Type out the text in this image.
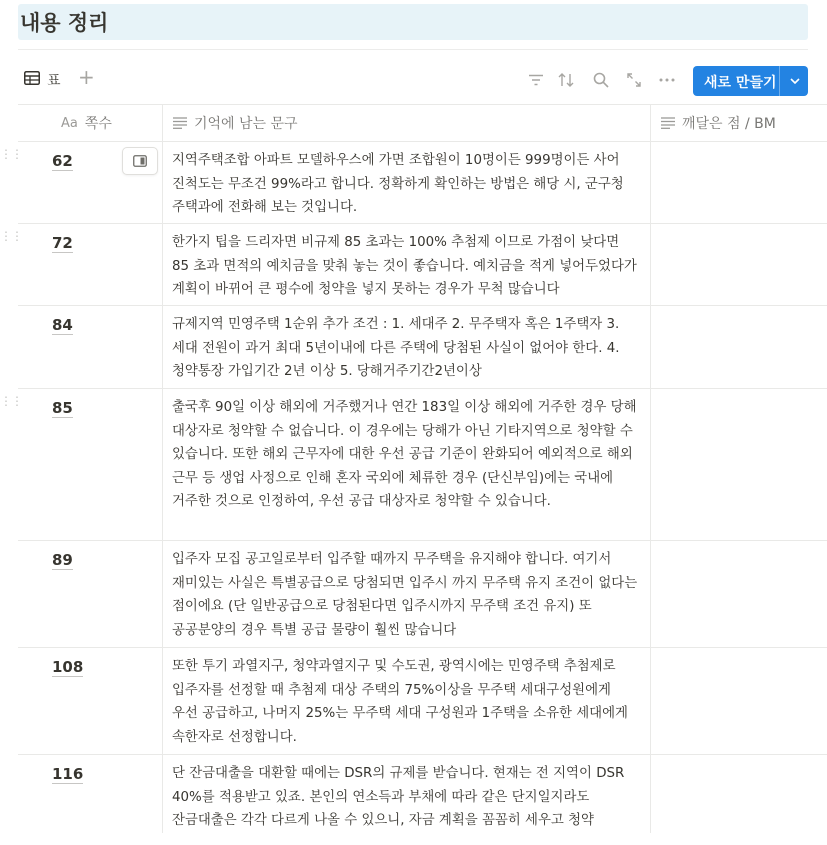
내용 정리
표 +	새로 만들기
Aa 쪽수	기억에 남는 문구	깨달은 점 / BM
62	지역주택조합 아파트 모델하우스에 가면 조합원이 10명이든 999명이든 사어 진척도는 무조건 99%라고 합니다. 정확하게 확인하는 방법은 해당 시, 군구청 주택과에 전화해 보는 것입니다.
72	한가지 팁을 드리자면 비규제 85 초과는 100% 추첨제 이므로 가점이 낮다면 85 초과 면적의 예치금을 맞춰 놓는 것이 좋습니다. 예치금을 적게 넣어두었다가 계획이 바뀌어 큰 평수에 청약을 넣지 못하는 경우가 무척 많습니다
84	규제지역 민영주택 1순위 추가 조건 : 1. 세대주 2. 무주택자 혹은 1주택자 3. 세대 전원이 과거 최대 5년이내에 다른 주택에 당첨된 사실이 없어야 한다. 4. 청약통장 가입기간 2년 이상 5. 당해거주기간2년이상
85	출국후 90일 이상 해외에 거주했거나 연간 183일 이상 해외에 거주한 경우 당해 대상자로 청약할 수 없습니다. 이 경우에는 당해가 아닌 기타지역으로 청약할 수 있습니다. 또한 해외 근무자에 대한 우선 공급 기준이 완화되어 예외적으로 해외 근무 등 생업 사정으로 인해 혼자 국외에 체류한 경우 (단신부임)에는 국내에 거주한 것으로 인정하여, 우선 공급 대상자로 청약할 수 있습니다.
89	입주자 모집 공고일로부터 입주할 때까지 무주택을 유지해야 합니다. 여기서 재미있는 사실은 특별공급으로 당첨되면 입주시 까지 무주택 유지 조건이 없다는 점이에요 (단 일반공급으로 당첨된다면 입주시까지 무주택 조건 유지) 또 공공분양의 경우 특별 공급 물량이 훨씬 많습니다
108	또한 투기 과열지구, 청약과열지구 및 수도권, 광역시에는 민영주택 추첨제로 입주자를 선정할 때 추첨제 대상 주택의 75%이상을 무주택 세대구성원에게 우선 공급하고, 나머지 25%는 무주택 세대 구성원과 1주택을 소유한 세대에게 속한자로 선정합니다.
116	단 잔금대출을 대환할 때에는 DSR의 규제를 받습니다. 현재는 전 지역이 DSR 40%를 적용받고 있죠. 본인의 연소득과 부채에 따라 같은 단지일지라도 잔금대출은 각각 다르게 나올 수 있으니, 자금 계획을 꼼꼼히 세우고 청약
⋮⋮
⋮⋮
⋮⋮
